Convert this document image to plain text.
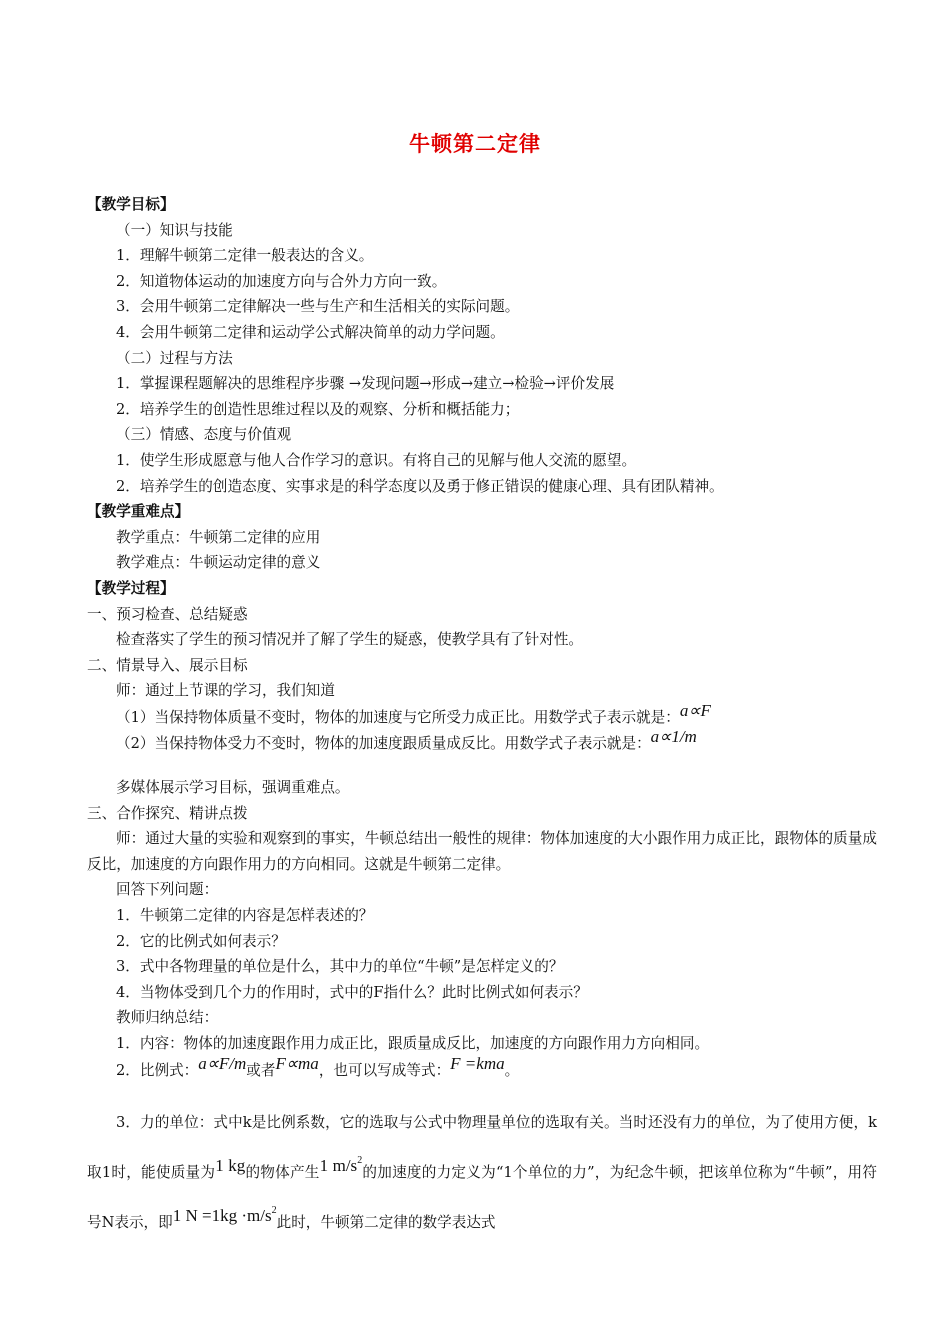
牛顿第二定律
【教学目标】
（一）知识与技能
1．理解牛顿第二定律一般表达的含义。
2．知道物体运动的加速度方向与合外力方向一致。
3．会用牛顿第二定律解决一些与生产和生活相关的实际问题。
4．会用牛顿第二定律和运动学公式解决简单的动力学问题。
（二）过程与方法
1．掌握课程题解决的思维程序步骤 →发现问题→形成→建立→检验→评价发展
2．培养学生的创造性思维过程以及的观察、分析和概括能力；
（三）情感、态度与价值观
1．使学生形成愿意与他人合作学习的意识。有将自己的见解与他人交流的愿望。
2．培养学生的创造态度、实事求是的科学态度以及勇于修正错误的健康心理、具有团队精神。
【教学重难点】
教学重点：牛顿第二定律的应用
教学难点：牛顿运动定律的意义
【教学过程】
一、预习检查、总结疑惑
检查落实了学生的预习情况并了解了学生的疑惑，使教学具有了针对性。
二、情景导入、展示目标
师：通过上节课的学习，我们知道
（1）当保持物体质量不变时，物体的加速度与它所受力成正比。用数学式子表示就是：a∝F
（2）当保持物体受力不变时，物体的加速度跟质量成反比。用数学式子表示就是：a∝1/m
多媒体展示学习目标，强调重难点。
三、合作探究、精讲点拨
师：通过大量的实验和观察到的事实，牛顿总结出一般性的规律：物体加速度的大小跟作用力成正比，跟物体的质量成反比，加速度的方向跟作用力的方向相同。这就是牛顿第二定律。
回答下列问题：
1．牛顿第二定律的内容是怎样表述的？
2．它的比例式如何表示？
3．式中各物理量的单位是什么，其中力的单位“牛顿”是怎样定义的？
4．当物体受到几个力的作用时，式中的F指什么？此时比例式如何表示？
教师归纳总结：
1．内容：物体的加速度跟作用力成正比，跟质量成反比，加速度的方向跟作用力方向相同。
2．比例式：a∝F/m或者F∝ma，也可以写成等式：F =kma。
3．力的单位：式中k是比例系数，它的选取与公式中物理量单位的选取有关。当时还没有力的单位，为了使用方便，k取1时，能使质量为1 kg的物体产生1 $m/s^2$的加速度的力定义为“1个单位的力”，为纪念牛顿，把该单位称为“牛顿”，用符号N表示，即1 $N =1kg \cdot m/s^2$此时，牛顿第二定律的数学表达式
